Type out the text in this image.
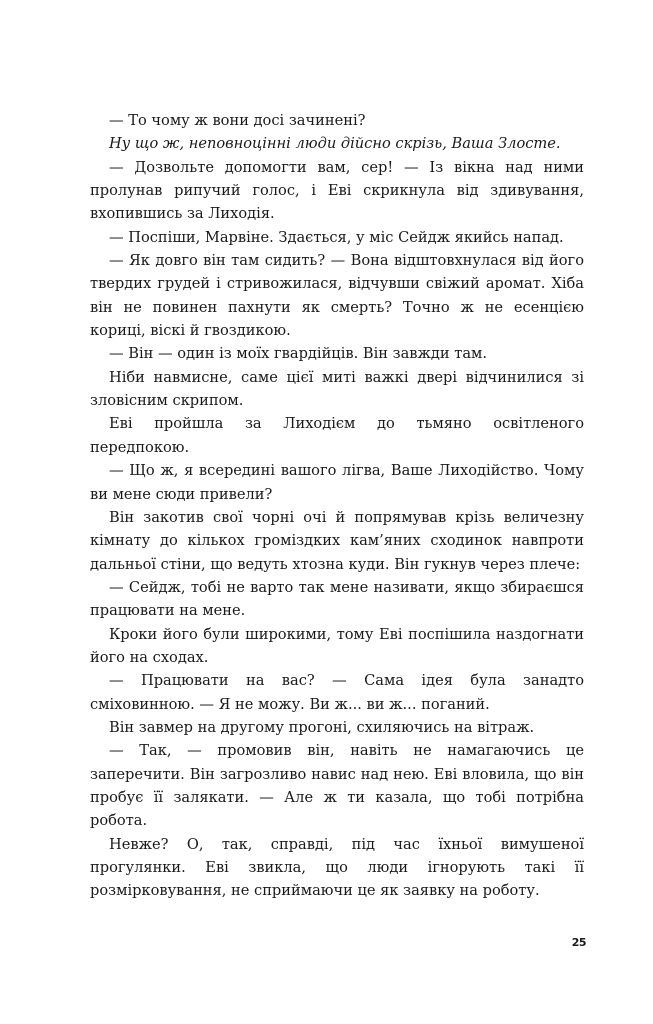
— То чому ж вони досі зачинені?

Ну що ж, неповноцінні люди дійсно скрізь, Ваша Злосте.

— Дозвольте допомогти вам, сер! — Із вікна над ними пролунав рипучий голос, і Еві скрикнула від здивування, вхопившись за Лиходія.

— Поспіши, Марвіне. Здається, у міс Сейдж якийсь напад.

— Як довго він там сидить? — Вона відштовхнулася від його твердих грудей і стривожилася, відчувши свіжий аромат. Хіба він не повинен пахнути як смерть? Точно ж не есенцією кориці, віскі й гвоздикою.

— Він — один із моїх гвардійців. Він завжди там.

Ніби навмисне, саме цієї миті важкі двері відчинилися зі зловісним скрипом.

Еві пройшла за Лиходієм до тьмяно освітленого передпокою.

— Що ж, я всередині вашого лігва, Ваше Лиходійство. Чому ви мене сюди привели?

Він закотив свої чорні очі й попрямував крізь величезну кімнату до кількох громіздких кам’яних сходинок навпроти дальньої стіни, що ведуть хтозна куди. Він гукнув через плече:

— Сейдж, тобі не варто так мене називати, якщо збираєшся працювати на мене.

Кроки його були широкими, тому Еві поспішила наздогнати його на сходах.

— Працювати на вас? — Сама ідея була занадто сміховинною. — Я не можу. Ви ж... ви ж... поганий.

Він завмер на другому прогоні, схиляючись на вітраж.

— Так, — промовив він, навіть не намагаючись це заперечити. Він загрозливо навис над нею. Еві вловила, що він пробує її залякати. — Але ж ти казала, що тобі потрібна робота.

Невже? О, так, справді, під час їхньої вимушеної прогулянки. Еві звикла, що люди ігнорують такі її розмірковування, не сприймаючи це як заявку на роботу.

25
